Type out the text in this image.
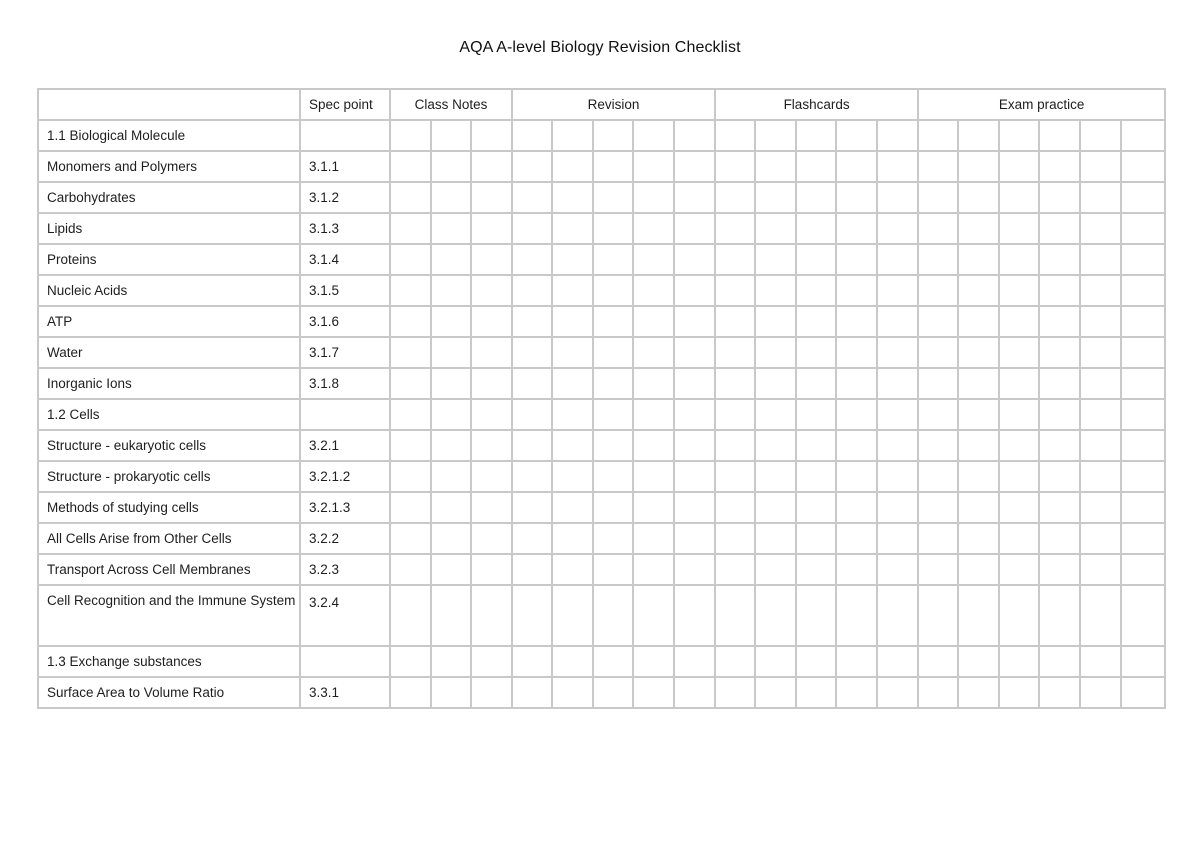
AQA A-level Biology Revision Checklist
	Spec point	Class Notes			Revision					Flashcards					Exam practice					
1.1 Biological Molecule																				
Monomers and Polymers	3.1.1																			
Carbohydrates	3.1.2																			
Lipids	3.1.3																			
Proteins	3.1.4																			
Nucleic Acids	3.1.5																			
ATP	3.1.6																			
Water	3.1.7																			
Inorganic Ions	3.1.8																			
1.2 Cells																				
Structure - eukaryotic cells	3.2.1																			
Structure - prokaryotic cells	3.2.1.2																			
Methods of studying cells	3.2.1.3																			
All Cells Arise from Other Cells	3.2.2																			
Transport Across Cell Membranes	3.2.3																			
Cell Recognition and the Immune System	3.2.4																			
1.3 Exchange substances																				
Surface Area to Volume Ratio	3.3.1																			
